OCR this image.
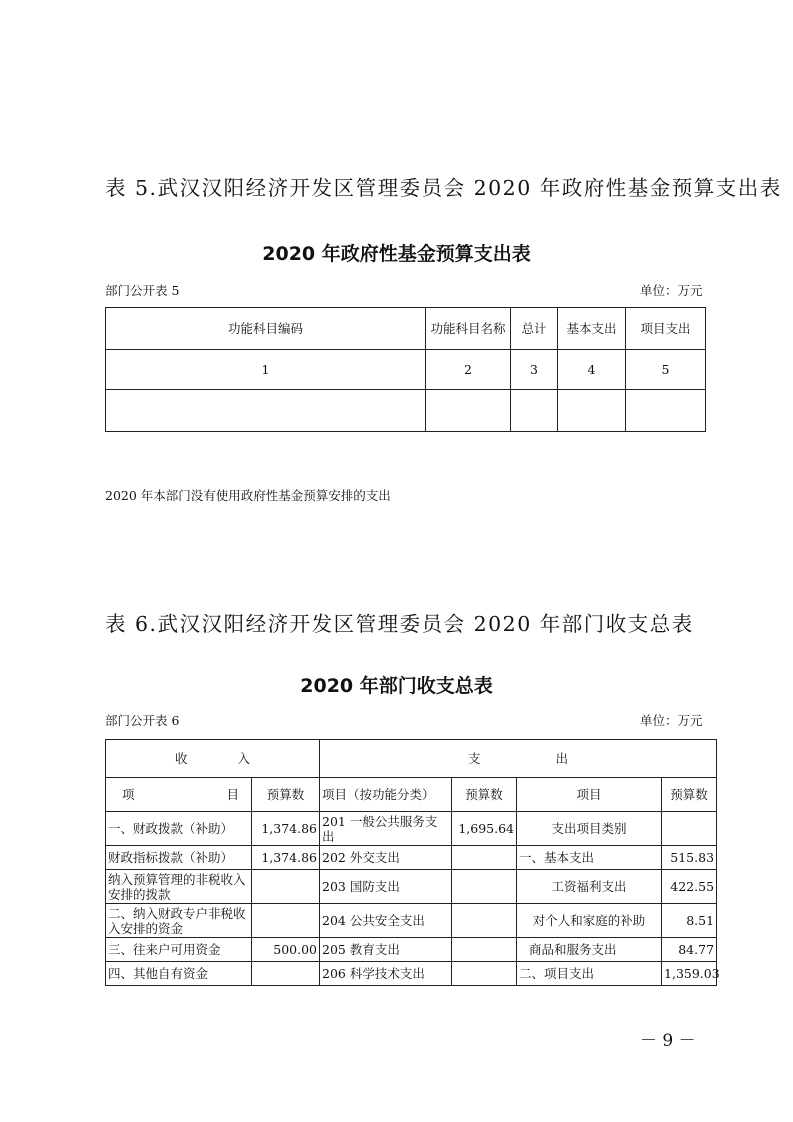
表 5.武汉汉阳经济开发区管理委员会 2020 年政府性基金预算支出表
2020 年政府性基金预算支出表
部门公开表 5	单位：万元
功能科目编码	功能科目名称	总计	基本支出	项目支出
1	2	3	4	5

2020 年本部门没有使用政府性基金预算安排的支出
表 6.武汉汉阳经济开发区管理委员会 2020 年部门收支总表
2020 年部门收支总表
部门公开表 6	单位：万元
收　　　　入		支　　　　　　出			
项 目	预算数	项目（按功能分类）	预算数	项目	预算数
一、财政拨款（补助）	1,374.86	201 一般公共服务支出	1,695.64	支出项目类别	
财政指标拨款（补助）	1,374.86	202 外交支出		一、基本支出	515.83
纳入预算管理的非税收入安排的拨款		203 国防支出		工资福利支出	422.55
二、纳入财政专户非税收入安排的资金		204 公共安全支出		对个人和家庭的补助	8.51
三、往来户可用资金	500.00	205 教育支出		商品和服务支出	84.77
四、其他自有资金		206 科学技术支出		二、项目支出	1,359.03
－ 9 －
